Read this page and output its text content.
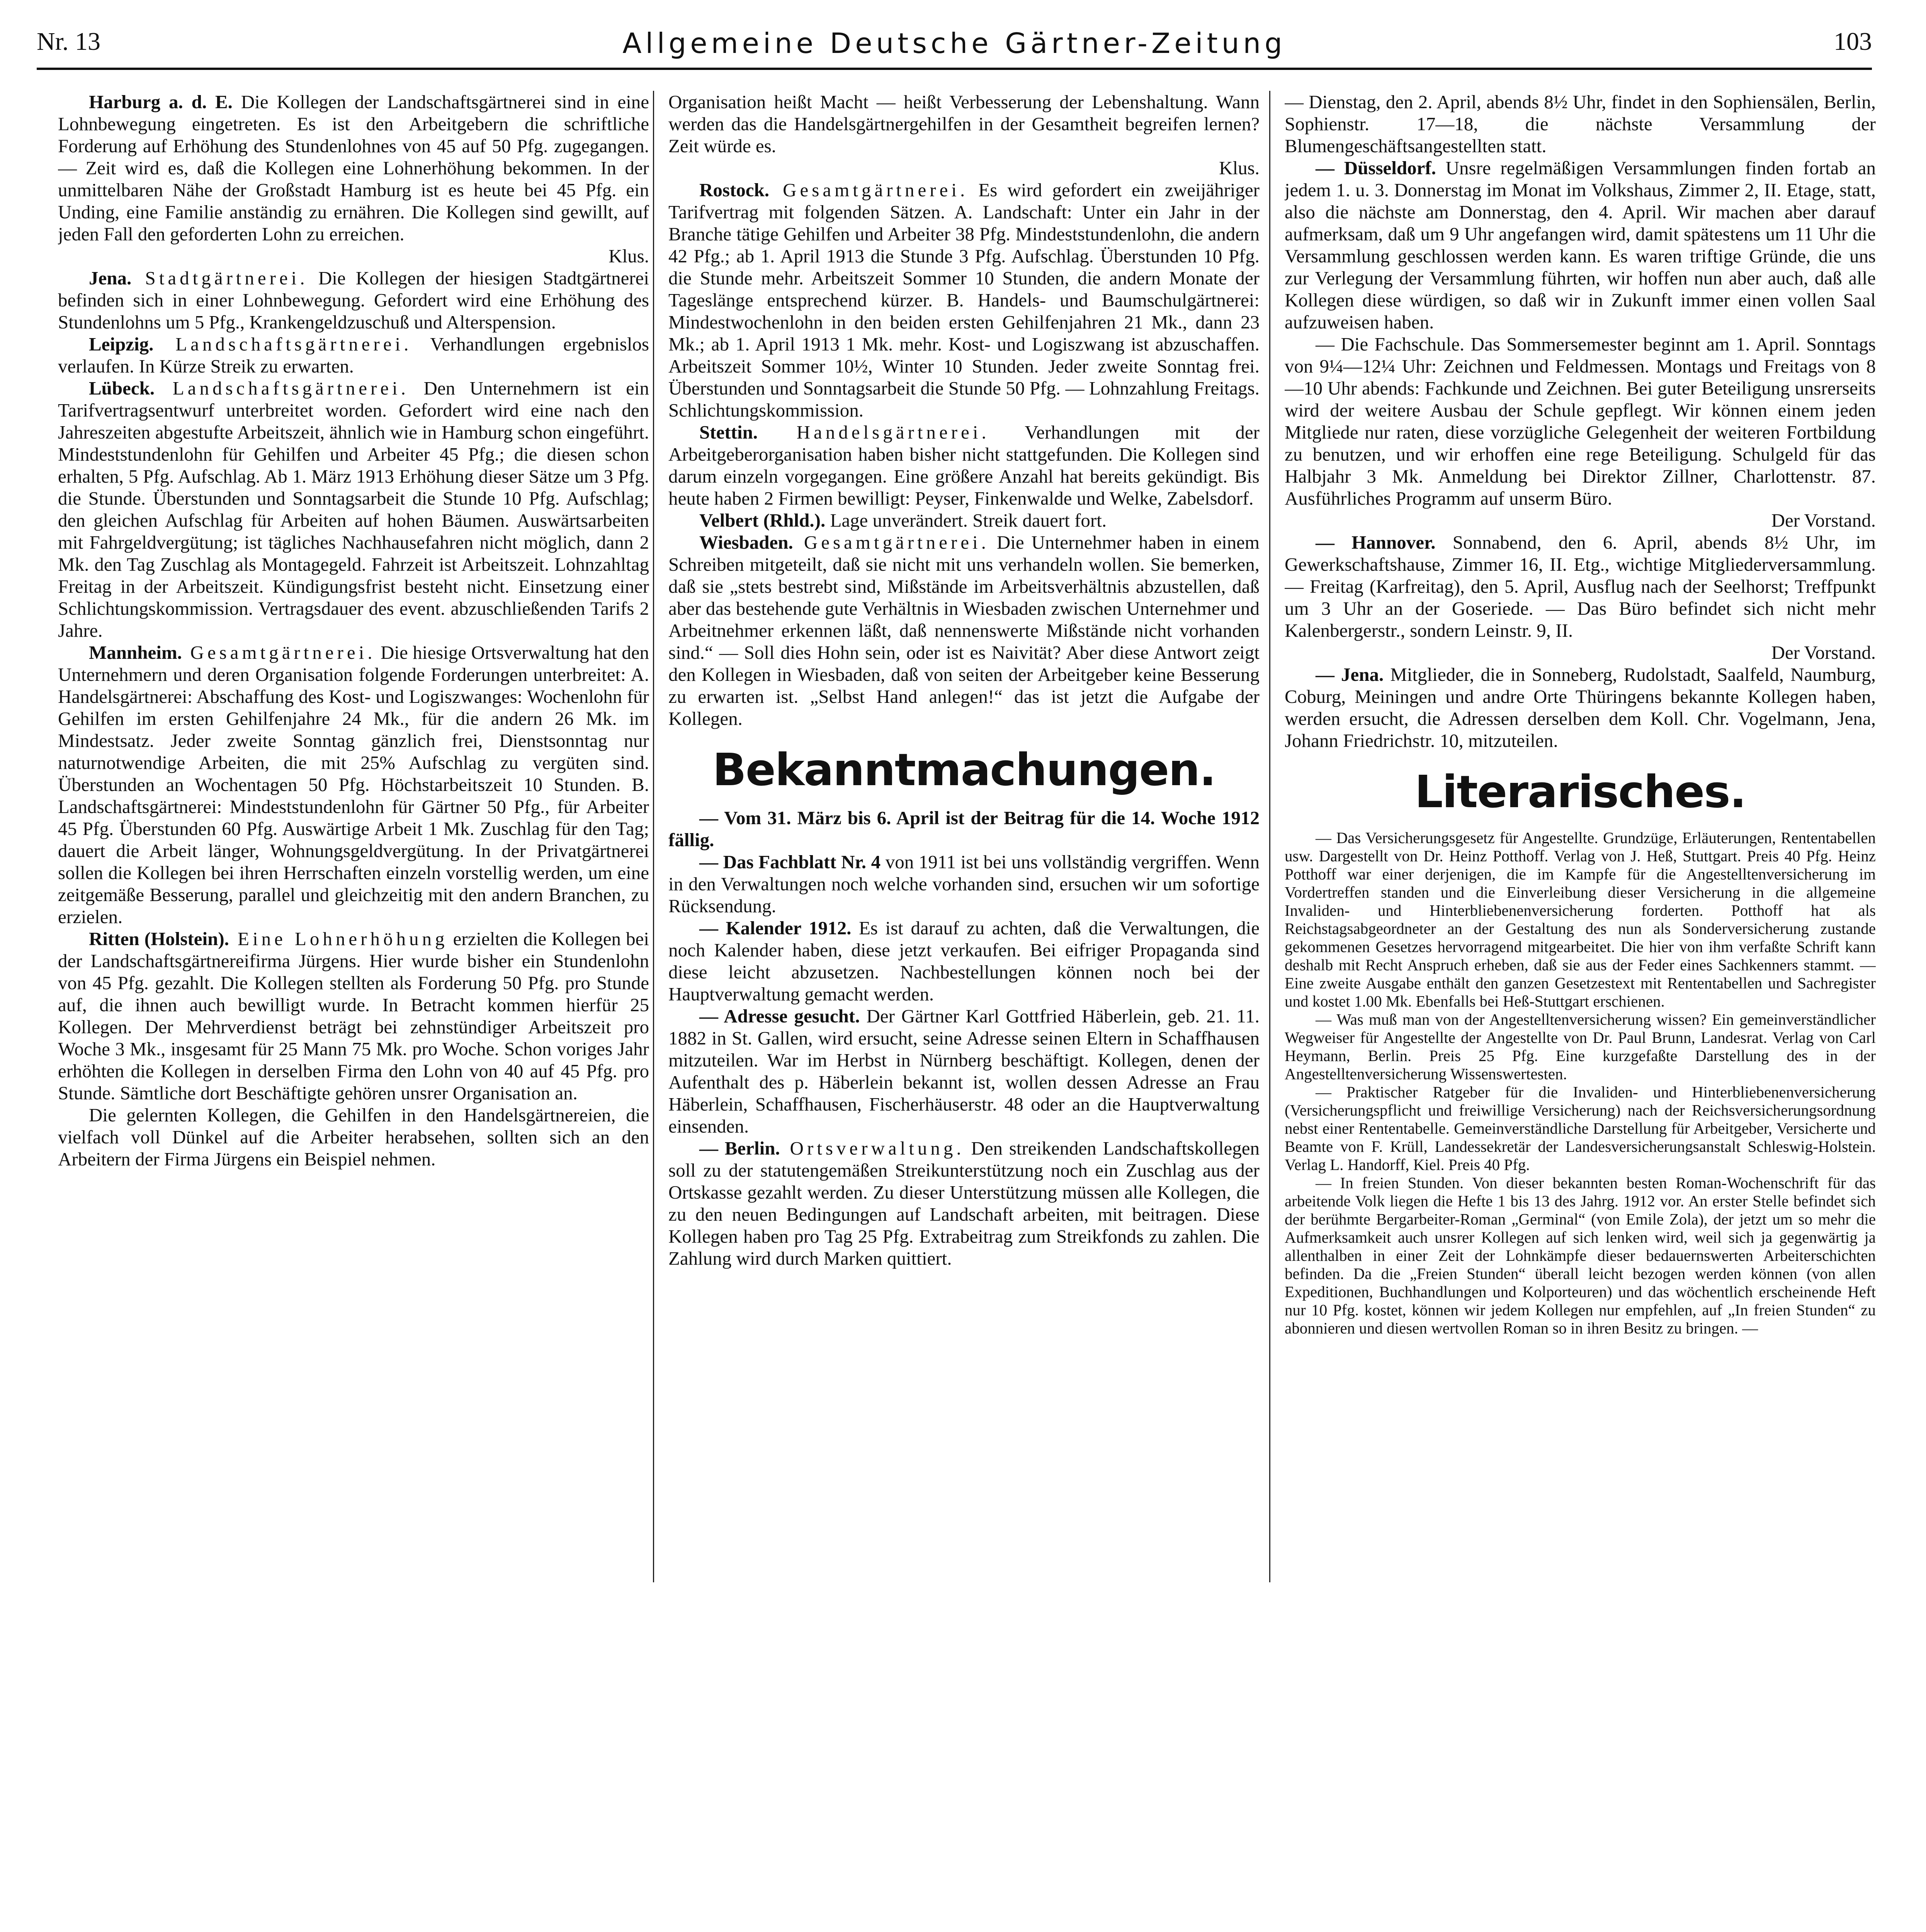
Nr. 13	Allgemeine Deutsche Gärtner-Zeitung	103

Harburg a. d. E. Die Kollegen der Landschaftsgärtnerei sind in eine Lohnbewegung eingetreten. Es ist den Arbeitgebern die schriftliche Forderung auf Erhöhung des Stundenlohnes von 45 auf 50 Pfg. zugegangen. — Zeit wird es, daß die Kollegen eine Lohnerhöhung bekommen. In der unmittelbaren Nähe der Großstadt Hamburg ist es heute bei 45 Pfg. ein Unding, eine Familie anständig zu ernähren. Die Kollegen sind gewillt, auf jeden Fall den geforderten Lohn zu erreichen.

Klus.

Jena. Stadtgärtnerei. Die Kollegen der hiesigen Stadtgärtnerei befinden sich in einer Lohnbewegung. Gefordert wird eine Erhöhung des Stundenlohns um 5 Pfg., Krankengeldzuschuß und Alterspension.

Leipzig. Landschaftsgärtnerei. Verhandlungen ergebnislos verlaufen. In Kürze Streik zu erwarten.

Lübeck. Landschaftsgärtnerei. Den Unternehmern ist ein Tarifvertragsentwurf unterbreitet worden. Gefordert wird eine nach den Jahreszeiten abgestufte Arbeitszeit, ähnlich wie in Hamburg schon eingeführt. Mindeststundenlohn für Gehilfen und Arbeiter 45 Pfg.; die diesen schon erhalten, 5 Pfg. Aufschlag. Ab 1. März 1913 Erhöhung dieser Sätze um 3 Pfg. die Stunde. Überstunden und Sonntagsarbeit die Stunde 10 Pfg. Aufschlag; den gleichen Aufschlag für Arbeiten auf hohen Bäumen. Auswärtsarbeiten mit Fahrgeldvergütung; ist tägliches Nachhausefahren nicht möglich, dann 2 Mk. den Tag Zuschlag als Montagegeld. Fahrzeit ist Arbeitszeit. Lohnzahltag Freitag in der Arbeitszeit. Kündigungsfrist besteht nicht. Einsetzung einer Schlichtungskommission. Vertragsdauer des event. abzuschließenden Tarifs 2 Jahre.

Mannheim. Gesamtgärtnerei. Die hiesige Ortsverwaltung hat den Unternehmern und deren Organisation folgende Forderungen unterbreitet: A. Handelsgärtnerei: Abschaffung des Kost- und Logiszwanges: Wochenlohn für Gehilfen im ersten Gehilfenjahre 24 Mk., für die andern 26 Mk. im Mindestsatz. Jeder zweite Sonntag gänzlich frei, Dienstsonntag nur naturnotwendige Arbeiten, die mit 25% Aufschlag zu vergüten sind. Überstunden an Wochentagen 50 Pfg. Höchstarbeitszeit 10 Stunden. B. Landschaftsgärtnerei: Mindeststundenlohn für Gärtner 50 Pfg., für Arbeiter 45 Pfg. Überstunden 60 Pfg. Auswärtige Arbeit 1 Mk. Zuschlag für den Tag; dauert die Arbeit länger, Wohnungsgeldvergütung. In der Privatgärtnerei sollen die Kollegen bei ihren Herrschaften einzeln vorstellig werden, um eine zeitgemäße Besserung, parallel und gleichzeitig mit den andern Branchen, zu erzielen.

Ritten (Holstein). Eine Lohnerhöhung erzielten die Kollegen bei der Landschaftsgärtnereifirma Jürgens. Hier wurde bisher ein Stundenlohn von 45 Pfg. gezahlt. Die Kollegen stellten als Forderung 50 Pfg. pro Stunde auf, die ihnen auch bewilligt wurde. In Betracht kommen hierfür 25 Kollegen. Der Mehrverdienst beträgt bei zehnstündiger Arbeitszeit pro Woche 3 Mk., insgesamt für 25 Mann 75 Mk. pro Woche. Schon voriges Jahr erhöhten die Kollegen in derselben Firma den Lohn von 40 auf 45 Pfg. pro Stunde. Sämtliche dort Beschäftigte gehören unsrer Organisation an.

Die gelernten Kollegen, die Gehilfen in den Handelsgärtnereien, die vielfach voll Dünkel auf die Arbeiter herabsehen, sollten sich an den Arbeitern der Firma Jürgens ein Beispiel nehmen.

Organisation heißt Macht — heißt Verbesserung der Lebenshaltung. Wann werden das die Handelsgärtnergehilfen in der Gesamtheit begreifen lernen? Zeit würde es.

Klus.

Rostock. Gesamtgärtnerei. Es wird gefordert ein zweijähriger Tarifvertrag mit folgenden Sätzen. A. Landschaft: Unter ein Jahr in der Branche tätige Gehilfen und Arbeiter 38 Pfg. Mindeststundenlohn, die andern 42 Pfg.; ab 1. April 1913 die Stunde 3 Pfg. Aufschlag. Überstunden 10 Pfg. die Stunde mehr. Arbeitszeit Sommer 10 Stunden, die andern Monate der Tageslänge entsprechend kürzer. B. Handels- und Baumschulgärtnerei: Mindestwochenlohn in den beiden ersten Gehilfenjahren 21 Mk., dann 23 Mk.; ab 1. April 1913 1 Mk. mehr. Kost- und Logiszwang ist abzuschaffen. Arbeitszeit Sommer 10½, Winter 10 Stunden. Jeder zweite Sonntag frei. Überstunden und Sonntagsarbeit die Stunde 50 Pfg. — Lohnzahlung Freitags. Schlichtungskommission.

Stettin. Handelsgärtnerei. Verhandlungen mit der Arbeitgeberorganisation haben bisher nicht stattgefunden. Die Kollegen sind darum einzeln vorgegangen. Eine größere Anzahl hat bereits gekündigt. Bis heute haben 2 Firmen bewilligt: Peyser, Finkenwalde und Welke, Zabelsdorf.

Velbert (Rhld.). Lage unverändert. Streik dauert fort.

Wiesbaden. Gesamtgärtnerei. Die Unternehmer haben in einem Schreiben mitgeteilt, daß sie nicht mit uns verhandeln wollen. Sie bemerken, daß sie „stets bestrebt sind, Mißstände im Arbeitsverhältnis abzustellen, daß aber das bestehende gute Verhältnis in Wiesbaden zwischen Unternehmer und Arbeitnehmer erkennen läßt, daß nennenswerte Mißstände nicht vorhanden sind.“ — Soll dies Hohn sein, oder ist es Naivität? Aber diese Antwort zeigt den Kollegen in Wiesbaden, daß von seiten der Arbeitgeber keine Besserung zu erwarten ist. „Selbst Hand anlegen!“ das ist jetzt die Aufgabe der Kollegen.

Bekanntmachungen.

— Vom 31. März bis 6. April ist der Beitrag für die 14. Woche 1912 fällig.

— Das Fachblatt Nr. 4 von 1911 ist bei uns vollständig vergriffen. Wenn in den Verwaltungen noch welche vorhanden sind, ersuchen wir um sofortige Rücksendung.

— Kalender 1912. Es ist darauf zu achten, daß die Verwaltungen, die noch Kalender haben, diese jetzt verkaufen. Bei eifriger Propaganda sind diese leicht abzusetzen. Nachbestellungen können noch bei der Hauptverwaltung gemacht werden.

— Adresse gesucht. Der Gärtner Karl Gottfried Häberlein, geb. 21. 11. 1882 in St. Gallen, wird ersucht, seine Adresse seinen Eltern in Schaffhausen mitzuteilen. War im Herbst in Nürnberg beschäftigt. Kollegen, denen der Aufenthalt des p. Häberlein bekannt ist, wollen dessen Adresse an Frau Häberlein, Schaffhausen, Fischerhäuserstr. 48 oder an die Hauptverwaltung einsenden.

— Berlin. Ortsverwaltung. Den streikenden Landschaftskollegen soll zu der statutengemäßen Streikunterstützung noch ein Zuschlag aus der Ortskasse gezahlt werden. Zu dieser Unterstützung müssen alle Kollegen, die zu den neuen Bedingungen auf Landschaft arbeiten, mit beitragen. Diese Kollegen haben pro Tag 25 Pfg. Extrabeitrag zum Streikfonds zu zahlen. Die Zahlung wird durch Marken quittiert.

— Dienstag, den 2. April, abends 8½ Uhr, findet in den Sophiensälen, Berlin, Sophienstr. 17—18, die nächste Versammlung der Blumengeschäftsangestellten statt.

— Düsseldorf. Unsre regelmäßigen Versammlungen finden fortab an jedem 1. u. 3. Donnerstag im Monat im Volkshaus, Zimmer 2, II. Etage, statt, also die nächste am Donnerstag, den 4. April. Wir machen aber darauf aufmerksam, daß um 9 Uhr angefangen wird, damit spätestens um 11 Uhr die Versammlung geschlossen werden kann. Es waren triftige Gründe, die uns zur Verlegung der Versammlung führten, wir hoffen nun aber auch, daß alle Kollegen diese würdigen, so daß wir in Zukunft immer einen vollen Saal aufzuweisen haben.

— Die Fachschule. Das Sommersemester beginnt am 1. April. Sonntags von 9¼—12¼ Uhr: Zeichnen und Feldmessen. Montags und Freitags von 8—10 Uhr abends: Fachkunde und Zeichnen. Bei guter Beteiligung unsrerseits wird der weitere Ausbau der Schule gepflegt. Wir können einem jeden Mitgliede nur raten, diese vorzügliche Gelegenheit der weiteren Fortbildung zu benutzen, und wir erhoffen eine rege Beteiligung. Schulgeld für das Halbjahr 3 Mk. Anmeldung bei Direktor Zillner, Charlottenstr. 87. Ausführliches Programm auf unserm Büro.

Der Vorstand.

— Hannover. Sonnabend, den 6. April, abends 8½ Uhr, im Gewerkschaftshause, Zimmer 16, II. Etg., wichtige Mitgliederversammlung. — Freitag (Karfreitag), den 5. April, Ausflug nach der Seelhorst; Treffpunkt um 3 Uhr an der Goseriede. — Das Büro befindet sich nicht mehr Kalenbergerstr., sondern Leinstr. 9, II.

Der Vorstand.

— Jena. Mitglieder, die in Sonneberg, Rudolstadt, Saalfeld, Naumburg, Coburg, Meiningen und andre Orte Thüringens bekannte Kollegen haben, werden ersucht, die Adressen derselben dem Koll. Chr. Vogelmann, Jena, Johann Friedrichstr. 10, mitzuteilen.

Literarisches.

— Das Versicherungsgesetz für Angestellte. Grundzüge, Erläuterungen, Rententabellen usw. Dargestellt von Dr. Heinz Potthoff. Verlag von J. Heß, Stuttgart. Preis 40 Pfg. Heinz Potthoff war einer derjenigen, die im Kampfe für die Angestelltenversicherung im Vordertreffen standen und die Einverleibung dieser Versicherung in die allgemeine Invaliden- und Hinterbliebenenversicherung forderten. Potthoff hat als Reichstagsabgeordneter an der Gestaltung des nun als Sonderversicherung zustande gekommenen Gesetzes hervorragend mitgearbeitet. Die hier von ihm verfaßte Schrift kann deshalb mit Recht Anspruch erheben, daß sie aus der Feder eines Sachkenners stammt. — Eine zweite Ausgabe enthält den ganzen Gesetzestext mit Rententabellen und Sachregister und kostet 1.00 Mk. Ebenfalls bei Heß-Stuttgart erschienen.

— Was muß man von der Angestelltenversicherung wissen? Ein gemeinverständlicher Wegweiser für Angestellte der Angestellte von Dr. Paul Brunn, Landesrat. Verlag von Carl Heymann, Berlin. Preis 25 Pfg. Eine kurzgefaßte Darstellung des in der Angestelltenversicherung Wissenswertesten.

— Praktischer Ratgeber für die Invaliden- und Hinterbliebenenversicherung (Versicherungspflicht und freiwillige Versicherung) nach der Reichsversicherungsordnung nebst einer Rententabelle. Gemeinverständliche Darstellung für Arbeitgeber, Versicherte und Beamte von F. Krüll, Landessekretär der Landesversicherungsanstalt Schleswig-Holstein. Verlag L. Handorff, Kiel. Preis 40 Pfg.

— In freien Stunden. Von dieser bekannten besten Roman-Wochenschrift für das arbeitende Volk liegen die Hefte 1 bis 13 des Jahrg. 1912 vor. An erster Stelle befindet sich der berühmte Bergarbeiter-Roman „Germinal“ (von Emile Zola), der jetzt um so mehr die Aufmerksamkeit auch unsrer Kollegen auf sich lenken wird, weil sich ja gegenwärtig ja allenthalben in einer Zeit der Lohnkämpfe dieser bedauernswerten Arbeiterschichten befinden. Da die „Freien Stunden“ überall leicht bezogen werden können (von allen Expeditionen, Buchhandlungen und Kolporteuren) und das wöchentlich erscheinende Heft nur 10 Pfg. kostet, können wir jedem Kollegen nur empfehlen, auf „In freien Stunden“ zu abonnieren und diesen wertvollen Roman so in ihren Besitz zu bringen. —
